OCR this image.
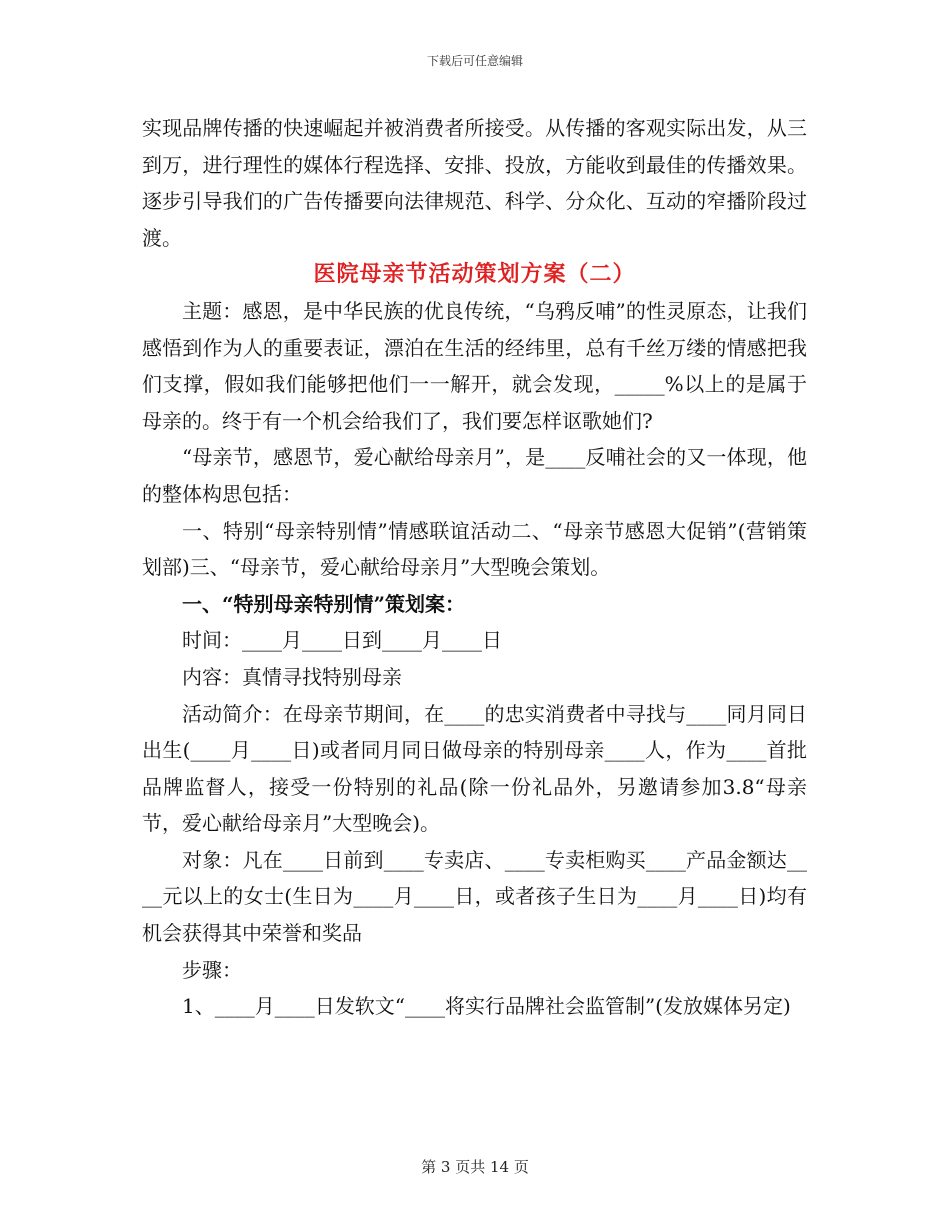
下载后可任意编辑

实现品牌传播的快速崛起并被消费者所接受。从传播的客观实际出发，从三到万，进行理性的媒体行程选择、安排、投放，方能收到最佳的传播效果。逐步引导我们的广告传播要向法律规范、科学、分众化、互动的窄播阶段过渡。

医院母亲节活动策划方案（二）

主题：感恩，是中华民族的优良传统，“乌鸦反哺”的性灵原态，让我们感悟到作为人的重要表证，漂泊在生活的经纬里，总有千丝万缕的情感把我们支撑，假如我们能够把他们一一解开，就会发现，_____%以上的是属于母亲的。终于有一个机会给我们了，我们要怎样讴歌她们?

“母亲节，感恩节，爱心献给母亲月”，是____反哺社会的又一体现，他的整体构思包括：

一、特别“母亲特别情”情感联谊活动二、“母亲节感恩大促销”(营销策划部)三、“母亲节，爱心献给母亲月”大型晚会策划。

一、“特别母亲特别情”策划案：

时间：____月____日到____月____日

内容：真情寻找特别母亲

活动简介：在母亲节期间，在____的忠实消费者中寻找与____同月同日出生(____月____日)或者同月同日做母亲的特别母亲____人，作为____首批品牌监督人，接受一份特别的礼品(除一份礼品外，另邀请参加3.8“母亲节，爱心献给母亲月”大型晚会)。

对象：凡在____日前到____专卖店、____专卖柜购买____产品金额达____元以上的女士(生日为____月____日，或者孩子生日为____月____日)均有机会获得其中荣誉和奖品

步骤：

1、____月____日发软文“____将实行品牌社会监管制”(发放媒体另定)

第 3 页共 14 页
